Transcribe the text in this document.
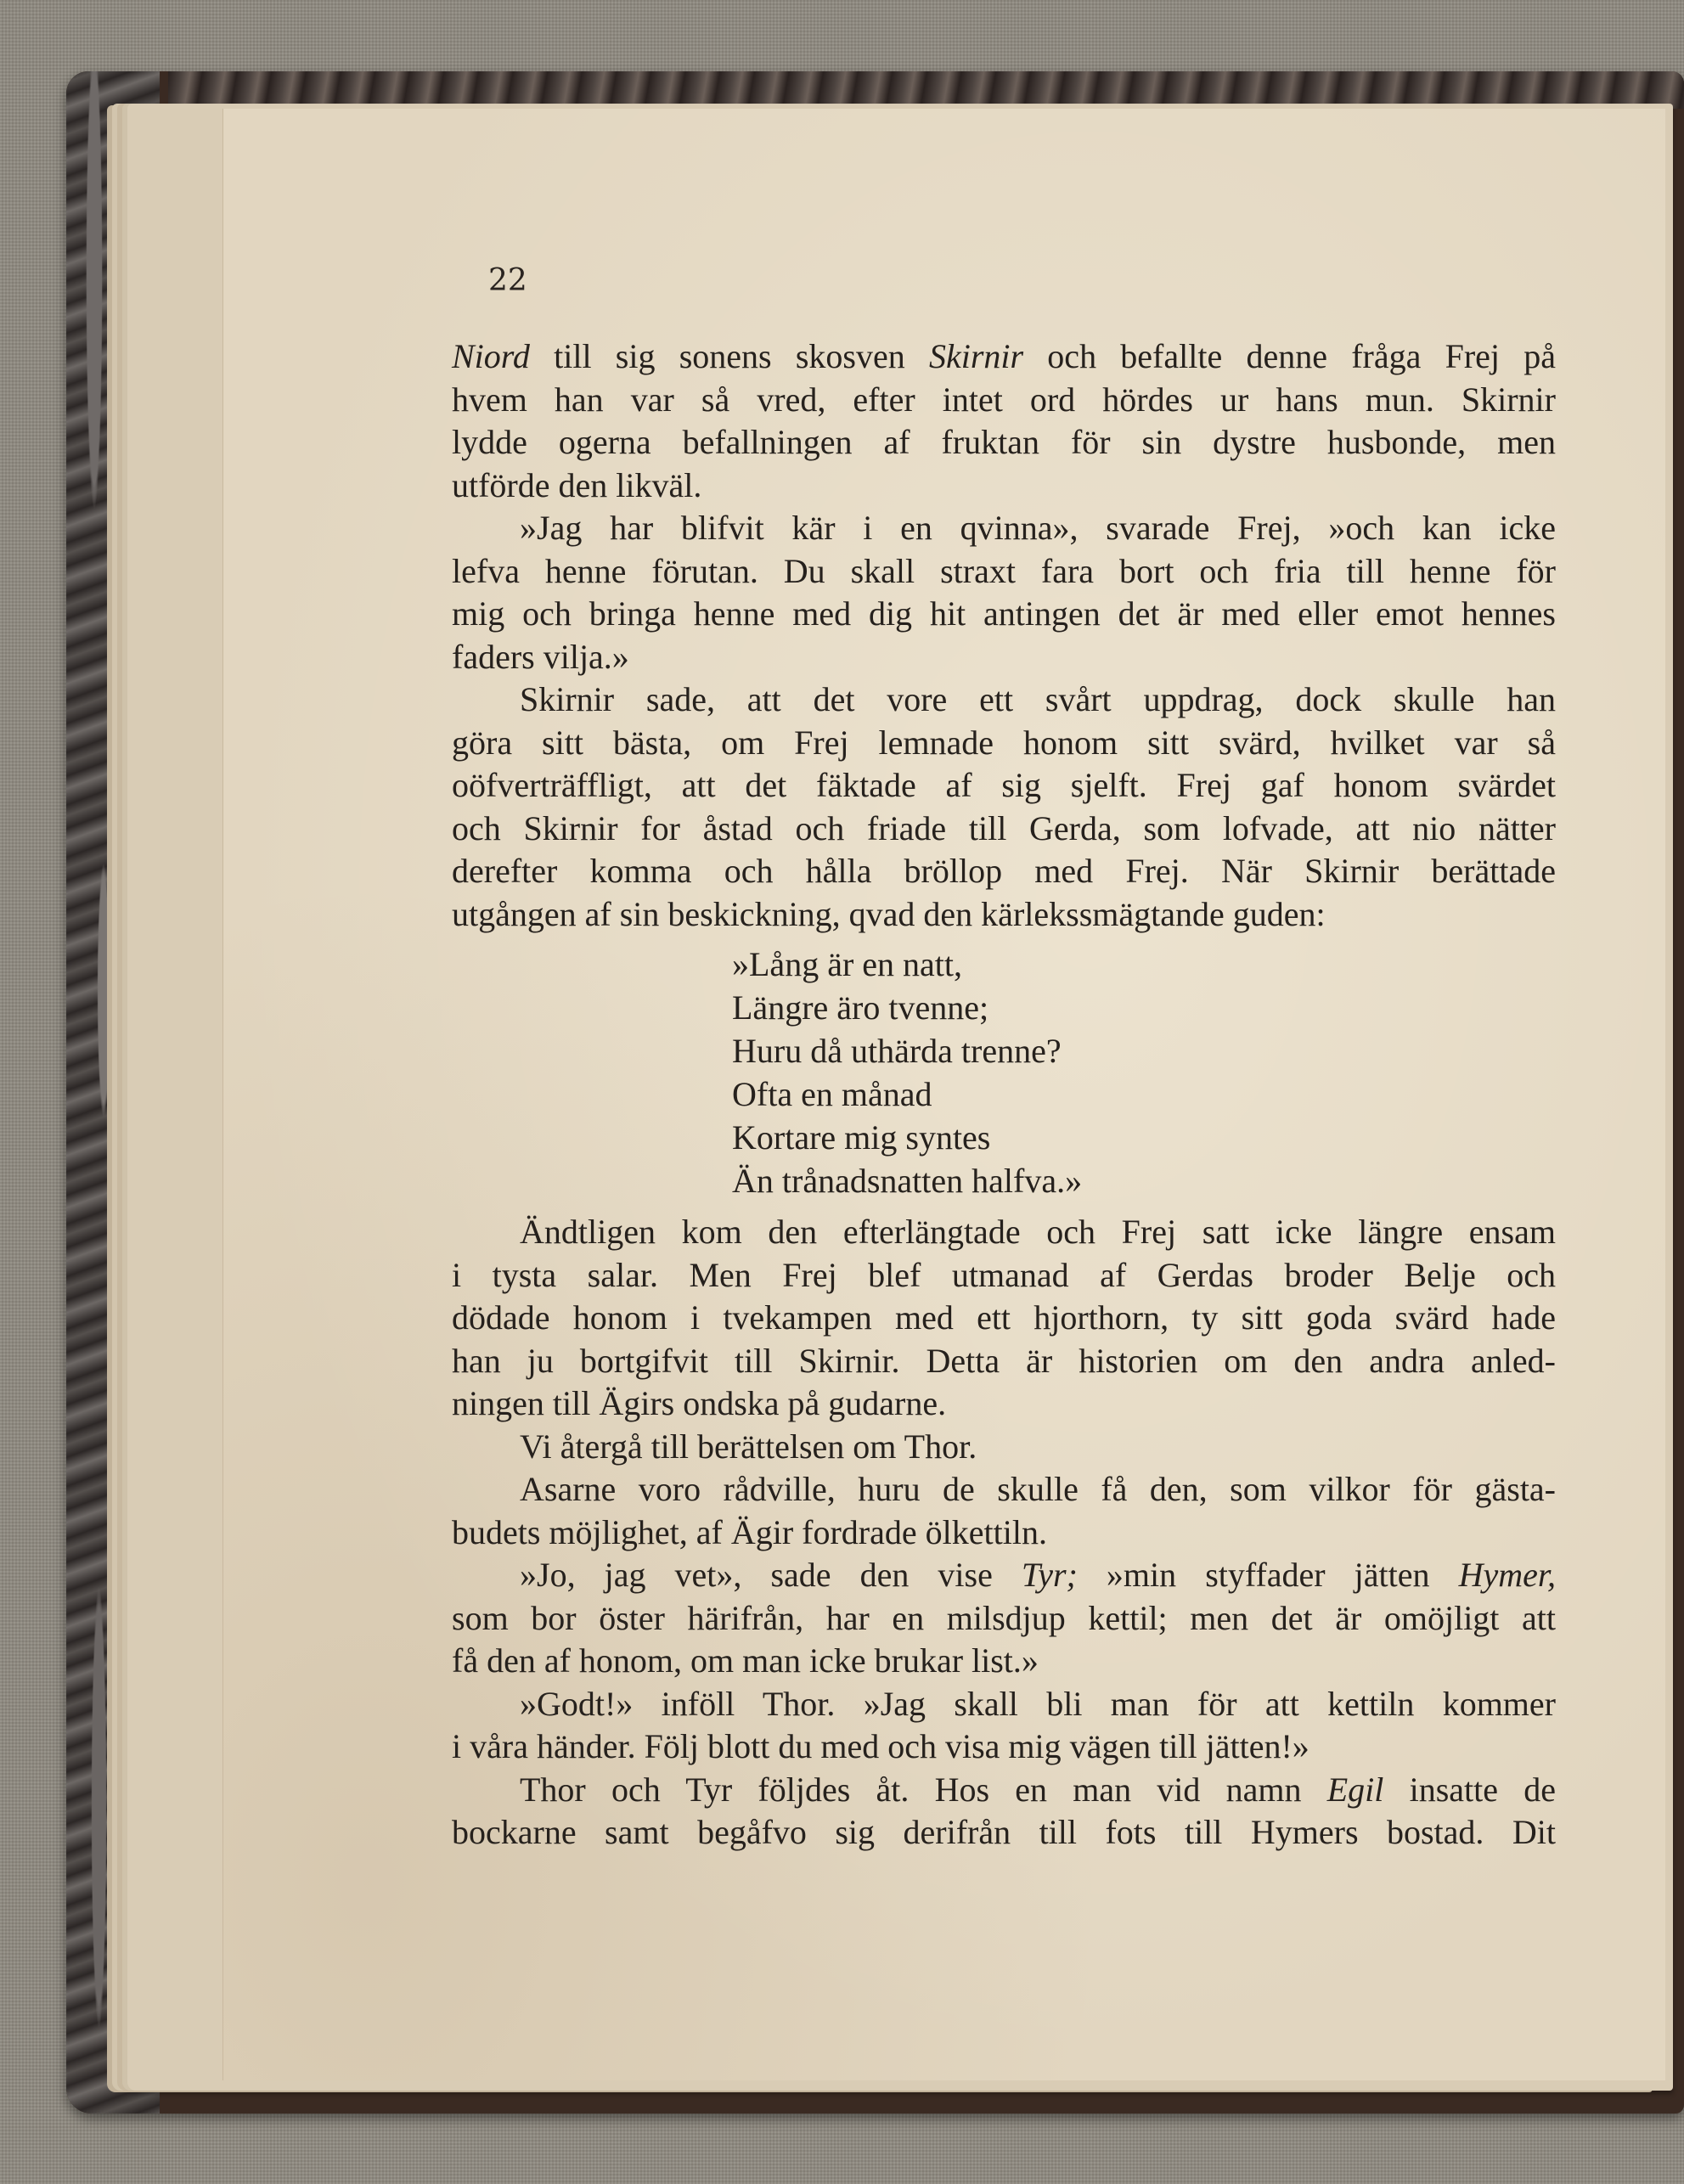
22

Niord till sig sonens skosven Skirnir och befallte denne fråga Frej på
hvem han var så vred, efter intet ord hördes ur hans mun. Skirnir
lydde ogerna befallningen af fruktan för sin dystre husbonde, men
utförde den likväl.

»Jag har blifvit kär i en qvinna», svarade Frej, »och kan icke
lefva henne förutan. Du skall straxt fara bort och fria till henne för
mig och bringa henne med dig hit antingen det är med eller emot hennes
faders vilja.»

Skirnir sade, att det vore ett svårt uppdrag, dock skulle han
göra sitt bästa, om Frej lemnade honom sitt svärd, hvilket var så
oöfverträffligt, att det fäktade af sig sjelft. Frej gaf honom svärdet
och Skirnir for åstad och friade till Gerda, som lofvade, att nio nätter
derefter komma och hålla bröllop med Frej. När Skirnir berättade
utgången af sin beskickning, qvad den kärlekssmägtande guden:

»Lång är en natt,
Längre äro tvenne;
Huru då uthärda trenne?
Ofta en månad
Kortare mig syntes
Än trånadsnatten halfva.»

Ändtligen kom den efterlängtade och Frej satt icke längre ensam
i tysta salar. Men Frej blef utmanad af Gerdas broder Belje och
dödade honom i tvekampen med ett hjorthorn, ty sitt goda svärd hade
han ju bortgifvit till Skirnir. Detta är historien om den andra anled-
ningen till Ägirs ondska på gudarne.

Vi återgå till berättelsen om Thor.

Asarne voro rådville, huru de skulle få den, som vilkor för gästa-
budets möjlighet, af Ägir fordrade ölkettiln.

»Jo, jag vet», sade den vise Tyr; »min styffader jätten Hymer,
som bor öster härifrån, har en milsdjup kettil; men det är omöjligt att
få den af honom, om man icke brukar list.»

»Godt!» inföll Thor. »Jag skall bli man för att kettiln kommer
i våra händer. Följ blott du med och visa mig vägen till jätten!»

Thor och Tyr följdes åt. Hos en man vid namn Egil insatte de
bockarne samt begåfvo sig derifrån till fots till Hymers bostad. Dit
